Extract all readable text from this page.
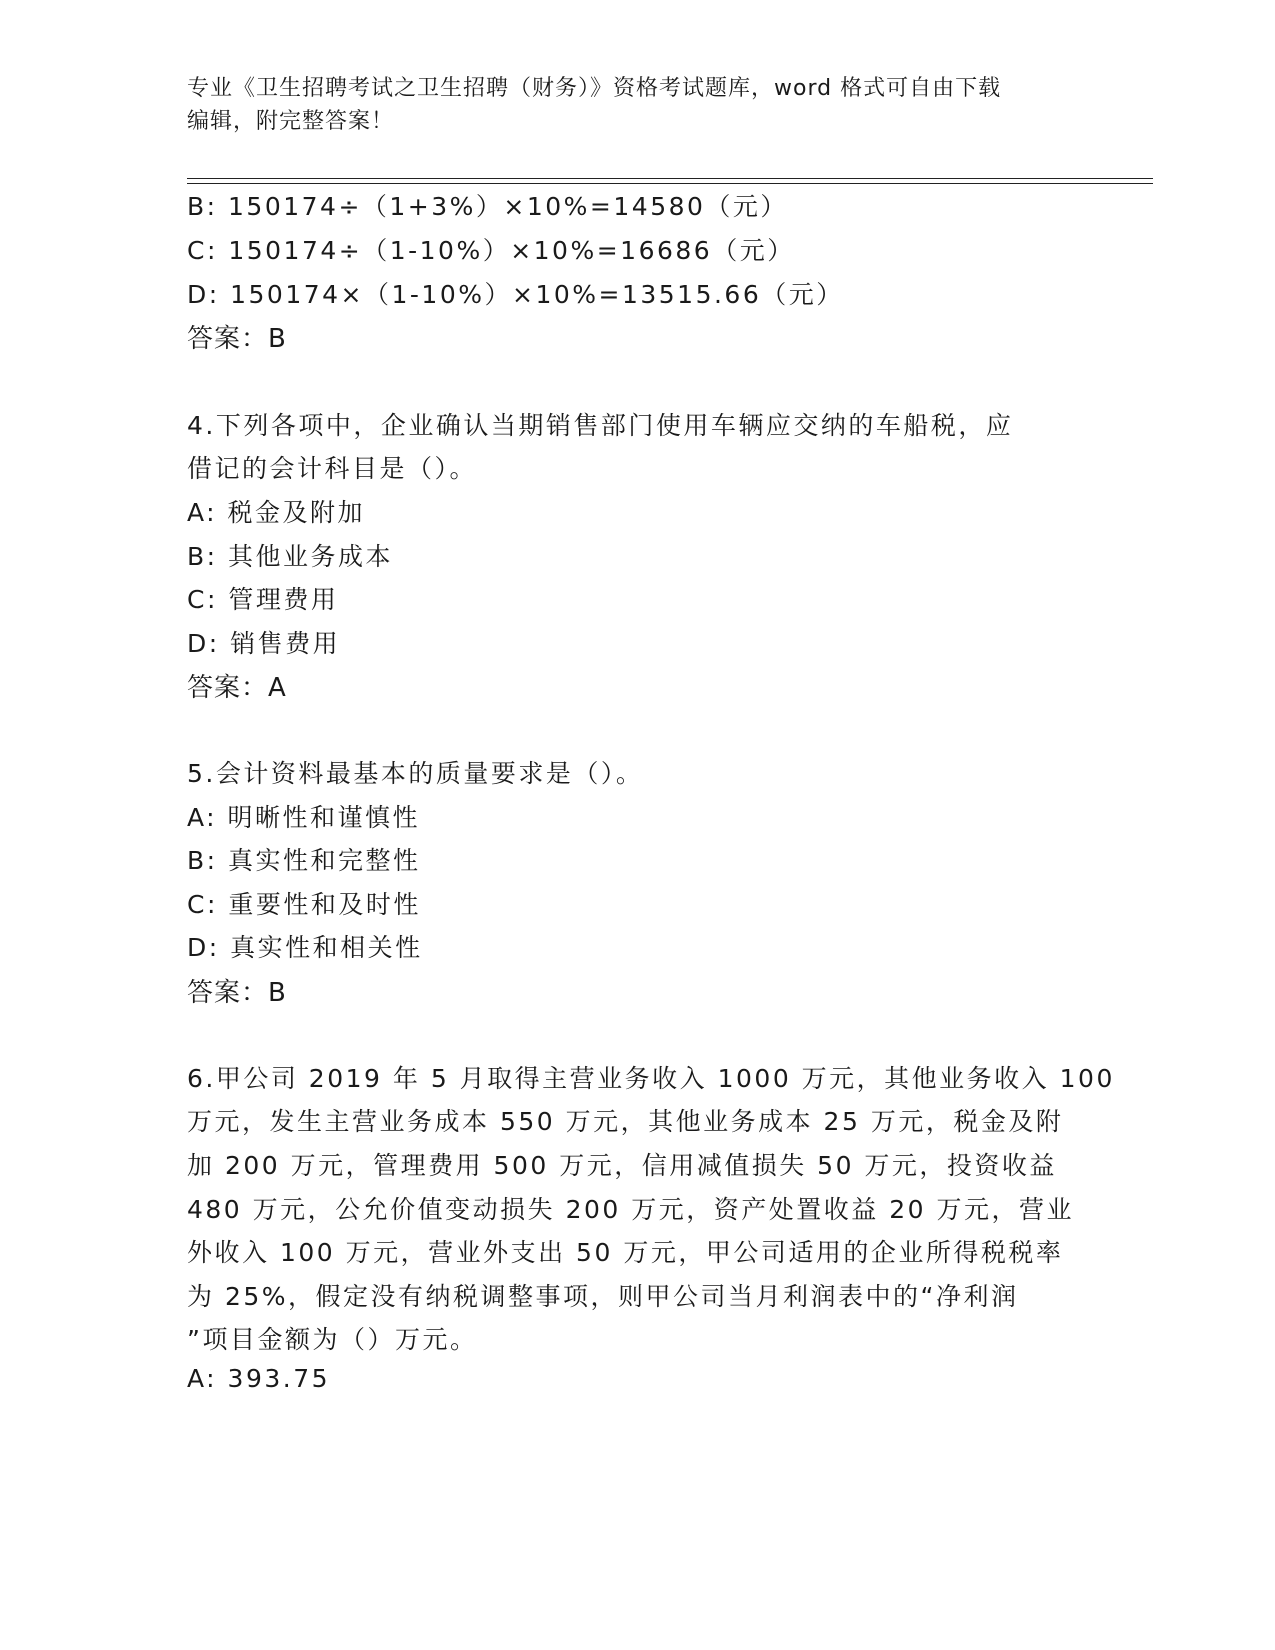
专业《卫生招聘考试之卫生招聘（财务）》资格考试题库，word 格式可自由下载
编辑，附完整答案！
B: 150174÷（1+3%）×10%=14580（元）
C: 150174÷（1-10%）×10%=16686（元）
D: 150174×（1-10%）×10%=13515.66（元）
答案：B
4.下列各项中，企业确认当期销售部门使用车辆应交纳的车船税，应
借记的会计科目是（）。
A: 税金及附加
B: 其他业务成本
C: 管理费用
D: 销售费用
答案：A
5.会计资料最基本的质量要求是（）。
A: 明晰性和谨慎性
B: 真实性和完整性
C: 重要性和及时性
D: 真实性和相关性
答案：B
6.甲公司 2019 年 5 月取得主营业务收入 1000 万元，其他业务收入 100
万元，发生主营业务成本 550 万元，其他业务成本 25 万元，税金及附
加 200 万元，管理费用 500 万元，信用减值损失 50 万元，投资收益
480 万元，公允价值变动损失 200 万元，资产处置收益 20 万元，营业
外收入 100 万元，营业外支出 50 万元，甲公司适用的企业所得税税率
为 25%，假定没有纳税调整事项，则甲公司当月利润表中的“净利润
”项目金额为（）万元。
A: 393.75
